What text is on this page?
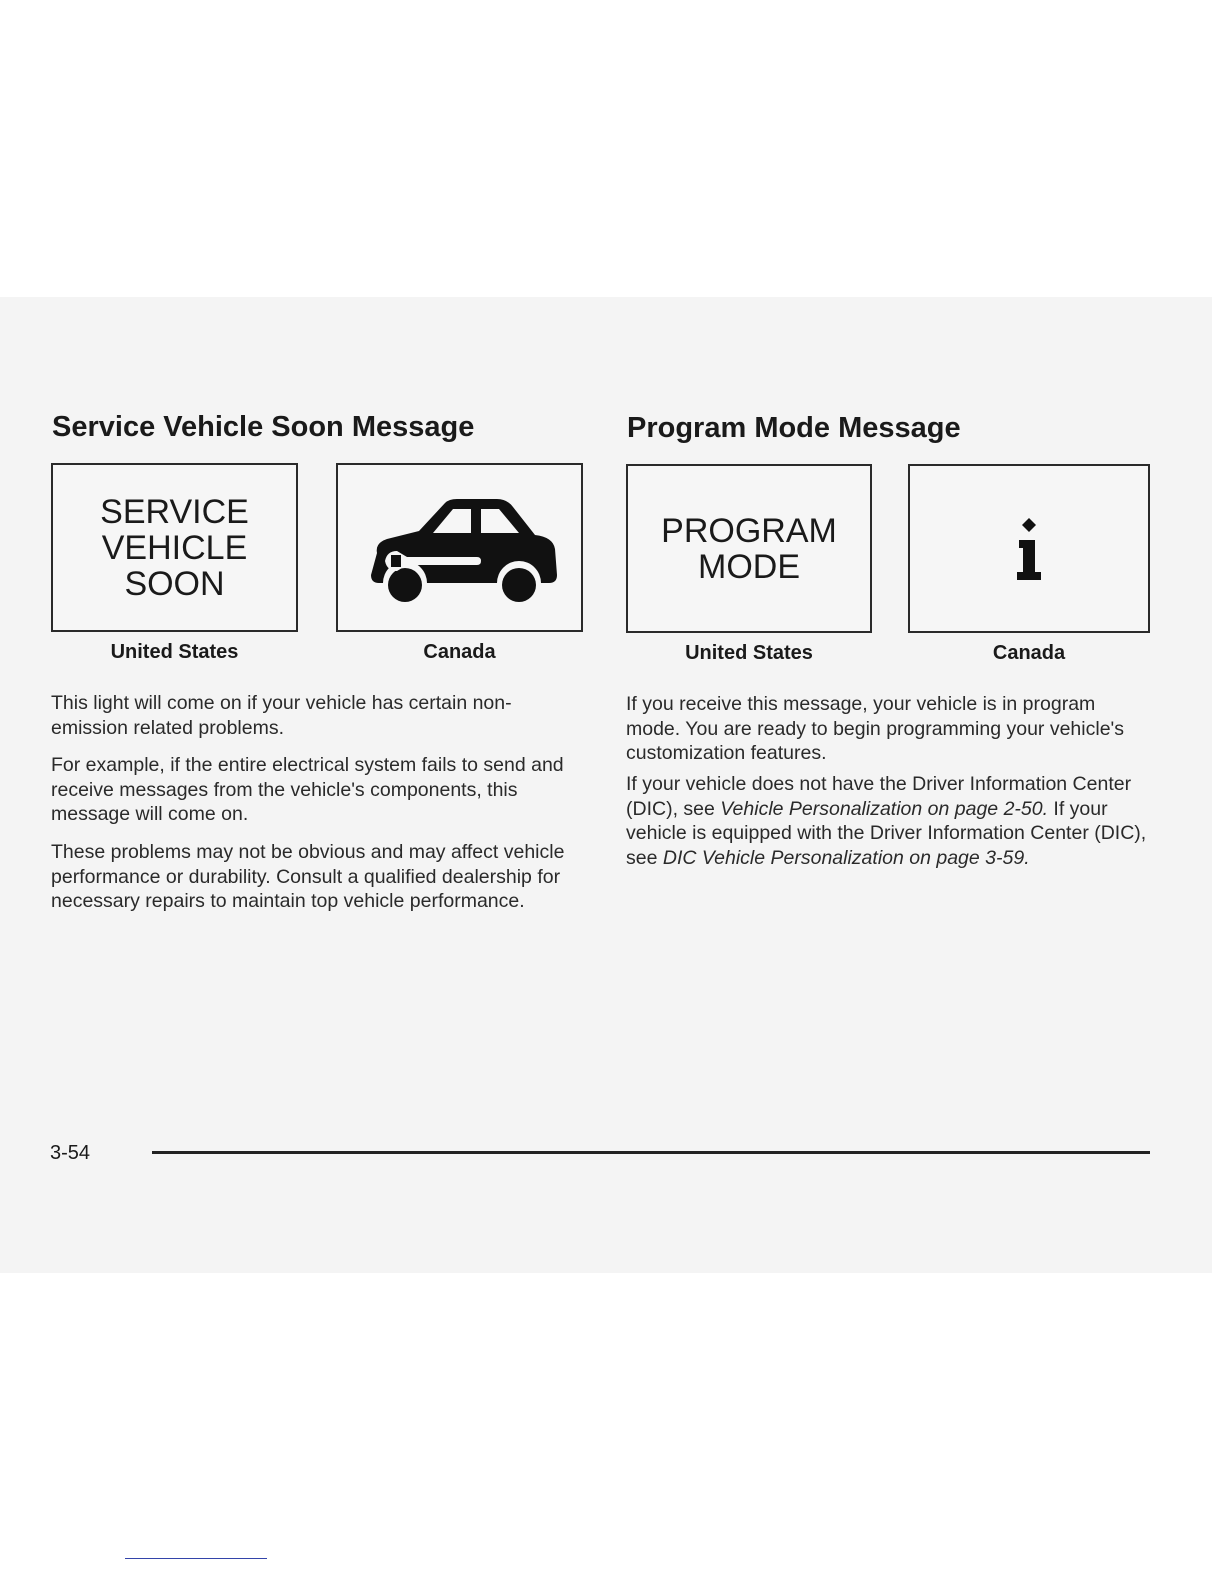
Service Vehicle Soon Message
SERVICE
VEHICLE
SOON
United States	Canada

This light will come on if your vehicle has certain non-emission related problems.

For example, if the entire electrical system fails to send and receive messages from the vehicle's components, this message will come on.

These problems may not be obvious and may affect vehicle performance or durability. Consult a qualified dealership for necessary repairs to maintain top vehicle performance.

Program Mode Message
PROGRAM
MODE
United States	Canada

If you receive this message, your vehicle is in program mode. You are ready to begin programming your vehicle's customization features.

If your vehicle does not have the Driver Information Center (DIC), see Vehicle Personalization on page 2-50. If your vehicle is equipped with the Driver Information Center (DIC), see DIC Vehicle Personalization on page 3-59.

3-54
